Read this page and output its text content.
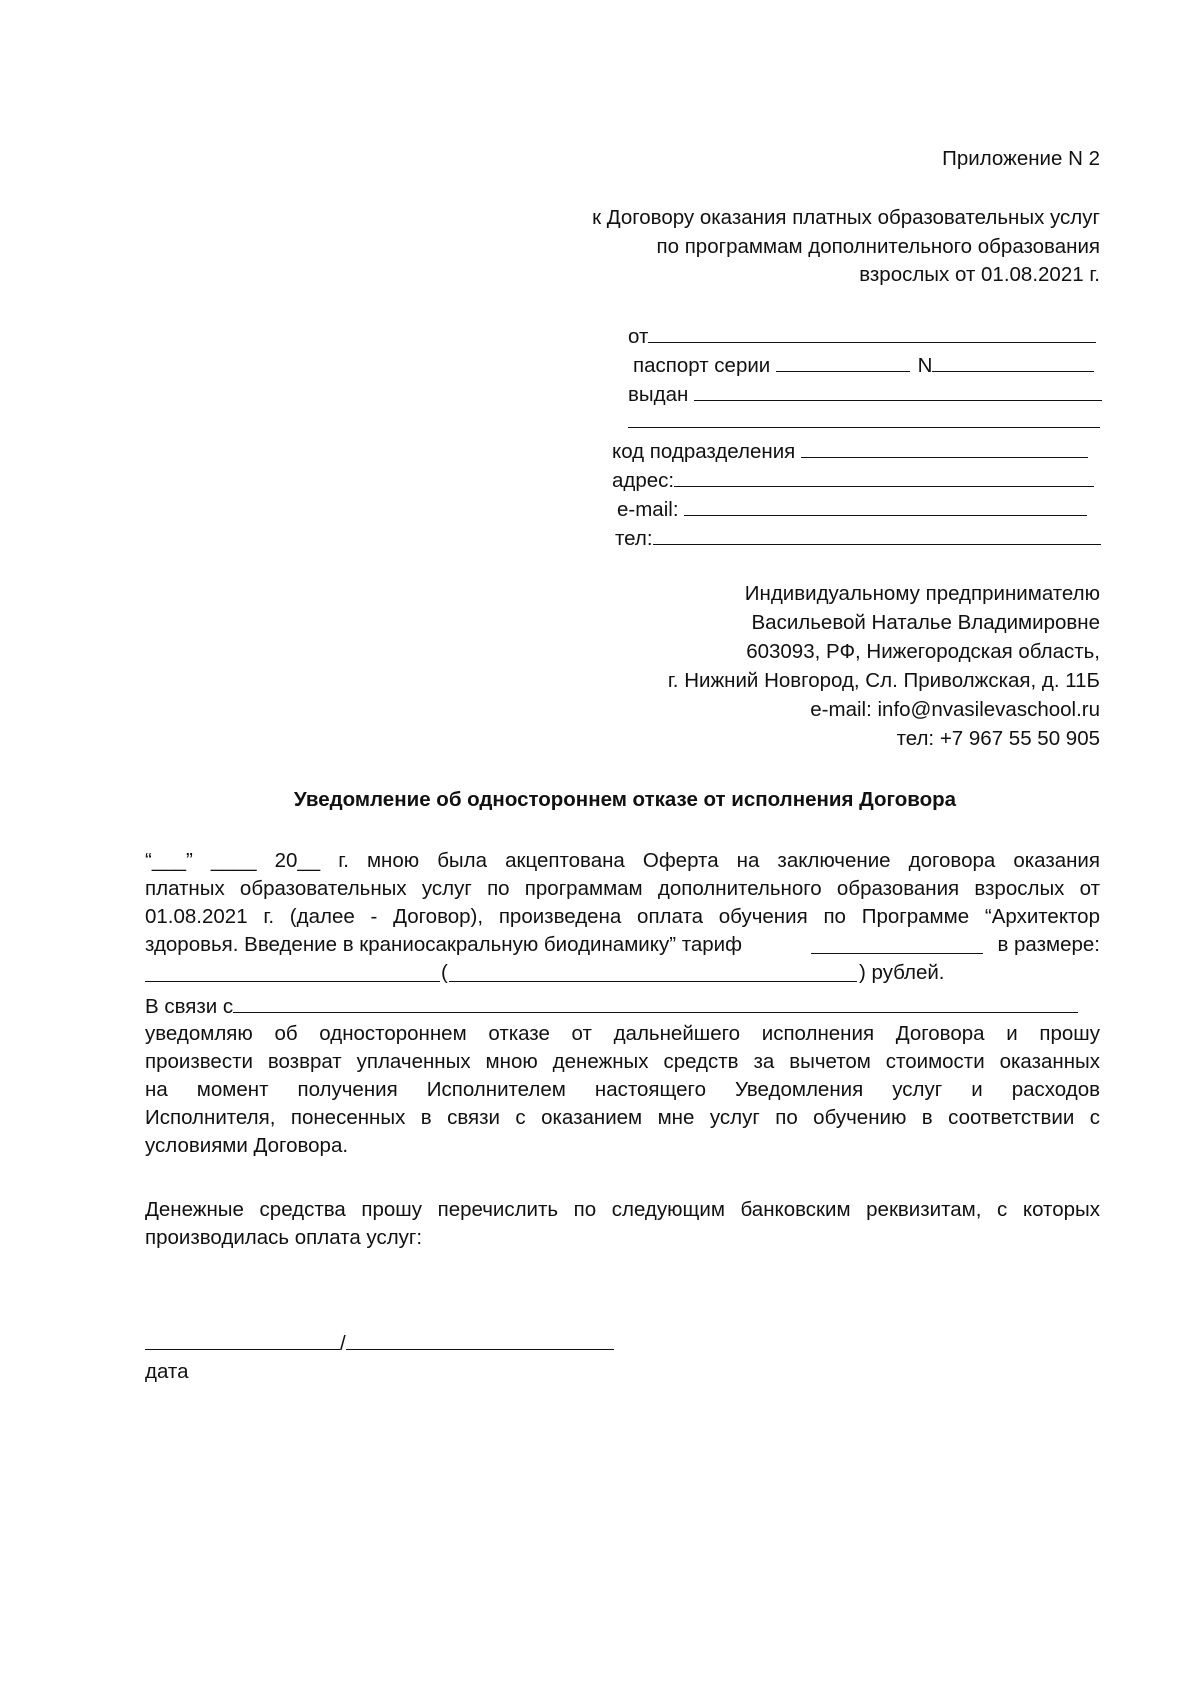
Приложение N 2
к Договору оказания платных образовательных услуг
по программам дополнительного образования
взрослых от 01.08.2021 г.
от
паспорт серии	N
выдан
код подразделения
адрес:
e-mail:
тел:
Индивидуальному предпринимателю
Васильевой Наталье Владимировне
603093, РФ, Нижегородская область,
г. Нижний Новгород, Сл. Приволжская, д. 11Б
e-mail: info@nvasilevaschool.ru
тел: +7 967 55 50 905
Уведомление об одностороннем отказе от исполнения Договора
“___” ____ 20__ г. мною была акцептована Оферта на заключение договора оказания
платных образовательных услуг по программам дополнительного образования взрослых от
01.08.2021 г. (далее - Договор), произведена оплата обучения по Программе “Архитектор
здоровья. Введение в краниосакральную биодинамику” тариф	в размере:
(	) рублей.
В связи с
уведомляю об одностороннем отказе от дальнейшего исполнения Договора и прошу
произвести возврат уплаченных мною денежных средств за вычетом стоимости оказанных
на момент получения Исполнителем настоящего Уведомления услуг и расходов
Исполнителя, понесенных в связи с оказанием мне услуг по обучению в соответствии с
условиями Договора.
Денежные средства прошу перечислить по следующим банковским реквизитам, с которых
производилась оплата услуг:
/
дата
